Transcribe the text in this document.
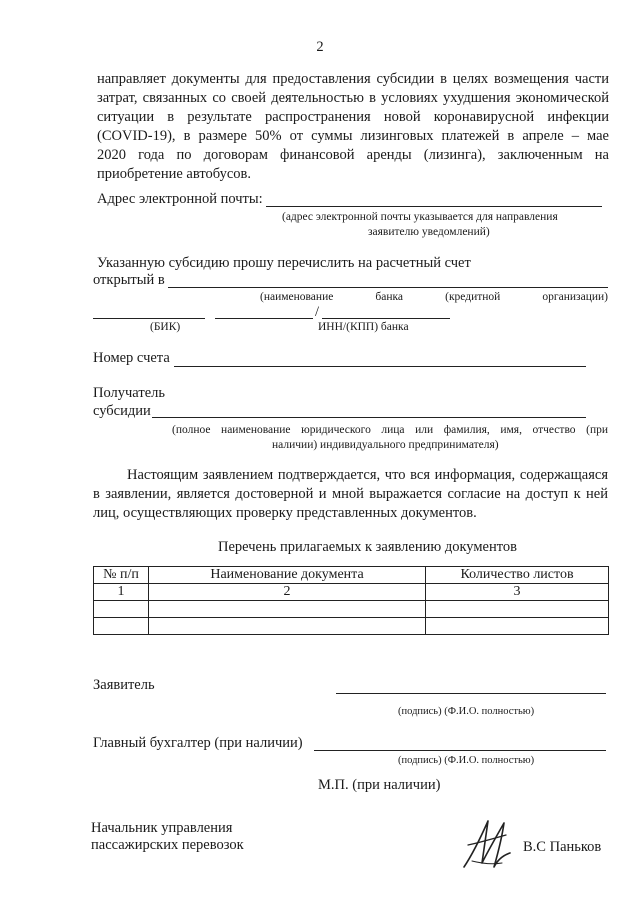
2
направляет документы для предоставления субсидии в целях возмещения части
затрат, связанных со своей деятельностью в условиях ухудшения экономической
ситуации в результате распространения новой коронавирусной инфекции
(COVID-19), в размере 50% от суммы лизинговых платежей в апреле – мае
2020 года по договорам финансовой аренды (лизинга), заключенным на
приобретение автобусов.
Адрес электронной почты:
(адрес электронной почты указывается для направления
заявителю уведомлений)
Указанную субсидию прошу перечислить на расчетный счет
открытый в
(наименование	банка	(кредитной	организации)
/
(БИК)	ИНН/(КПП) банка
Номер счета
Получатель
субсидии
(полное наименование юридического лица или фамилия, имя, отчество (при
наличии) индивидуального предпринимателя)
Настоящим заявлением подтверждается, что вся информация, содержащаяся
в заявлении, является достоверной и мной выражается согласие на доступ к ней
лиц, осуществляющих проверку представленных документов.
Перечень прилагаемых к заявлению документов
№ п/п	Наименование документа	Количество листов
1	2	3

Заявитель
(подпись) (Ф.И.О. полностью)
Главный бухгалтер (при наличии)
(подпись) (Ф.И.О. полностью)
М.П. (при наличии)
Начальник управления
пассажирских перевозок	В.С Паньков
